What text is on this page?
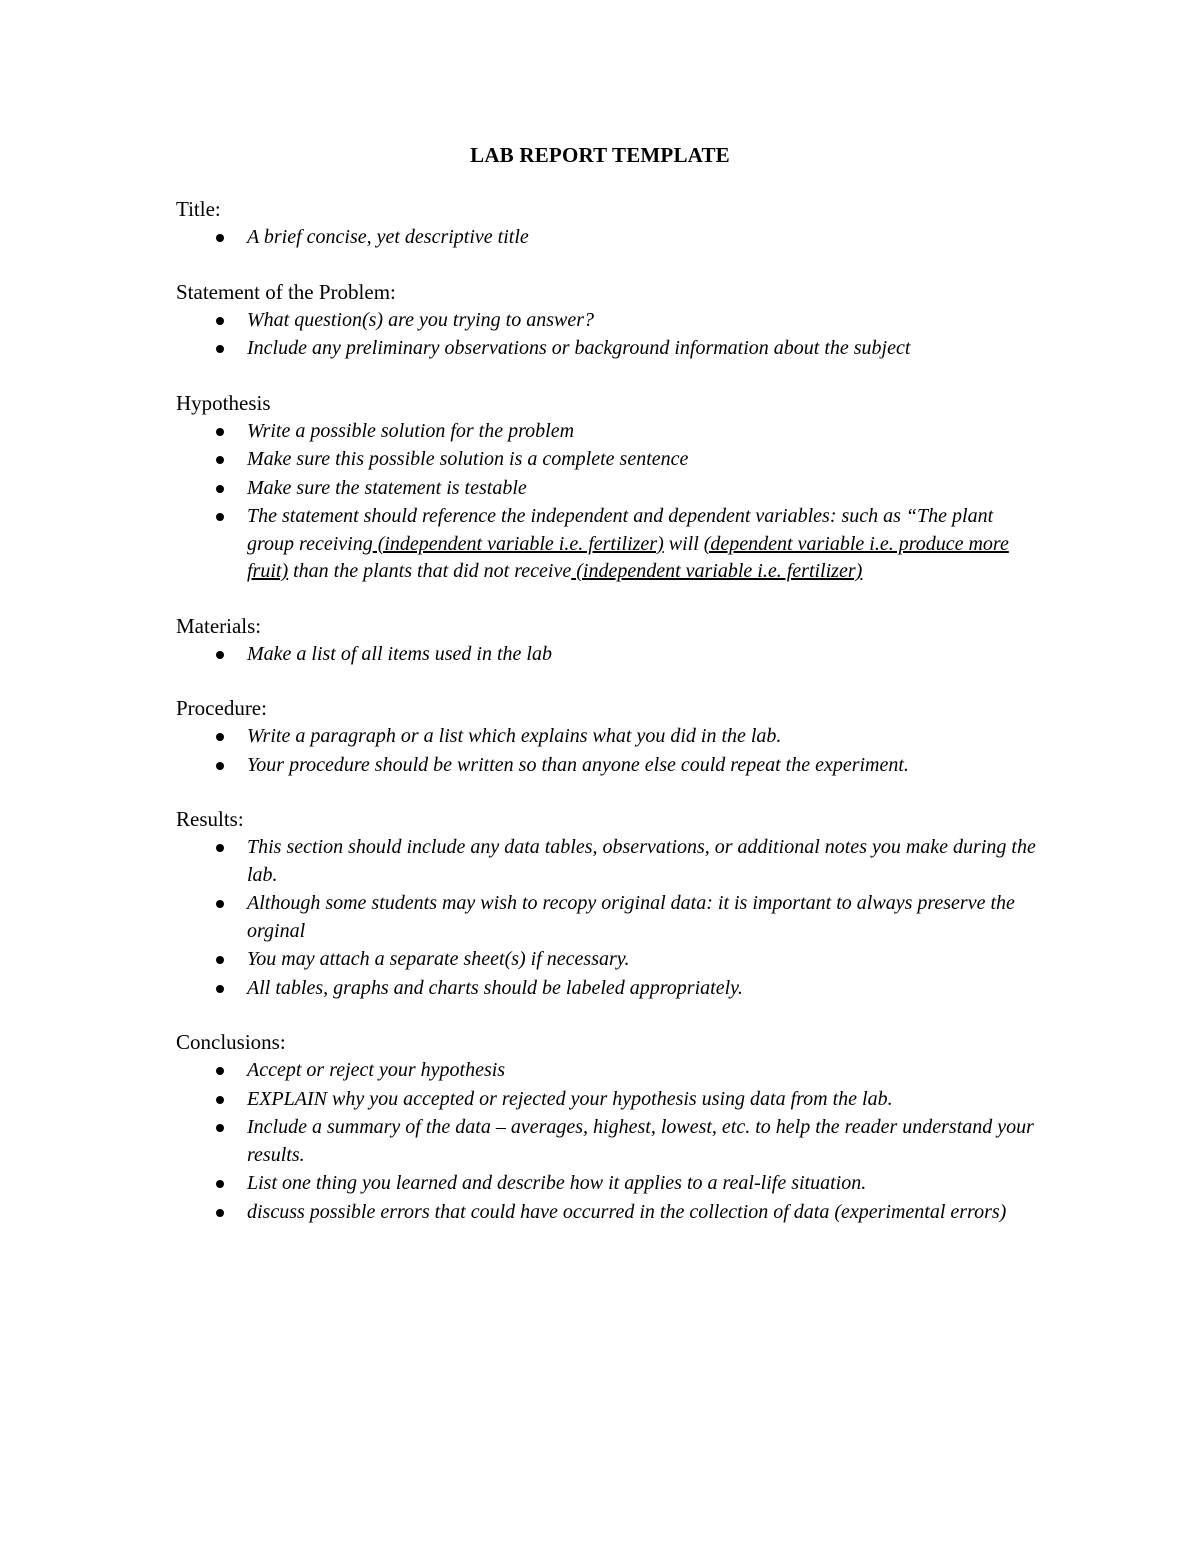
LAB REPORT TEMPLATE
Title:
A brief concise, yet descriptive title
Statement of the Problem:
What question(s) are you trying to answer?
Include any preliminary observations or background information about the subject
Hypothesis
Write a possible solution for the problem
Make sure this possible solution is a complete sentence
Make sure the statement is testable
The statement should reference the independent and dependent variables: such as “The plant group receiving (independent variable i.e. fertilizer) will (dependent variable i.e. produce more fruit) than the plants that did not receive (independent variable i.e. fertilizer)
Materials:
Make a list of all items used in the lab
Procedure:
Write a paragraph or a list which explains what you did in the lab.
Your procedure should be written so than anyone else could repeat the experiment.
Results:
This section should include any data tables, observations, or additional notes you make during the lab.
Although some students may wish to recopy original data: it is important to always preserve the orginal
You may attach a separate sheet(s) if necessary.
All tables, graphs and charts should be labeled appropriately.
Conclusions:
Accept or reject your hypothesis
EXPLAIN why you accepted or rejected your hypothesis using data from the lab.
Include a summary of the data – averages, highest, lowest, etc. to help the reader understand your results.
List one thing you learned and describe how it applies to a real-life situation.
discuss possible errors that could have occurred in the collection of data (experimental errors)
